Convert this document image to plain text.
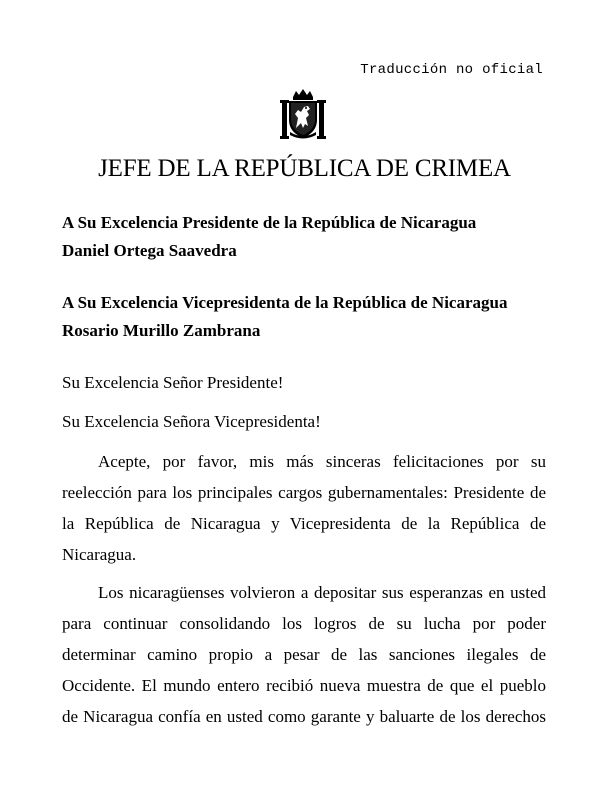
Traducción no oficial
JEFE DE LA REPÚBLICA DE CRIMEA
A Su Excelencia Presidente de la República de Nicaragua
Daniel Ortega Saavedra
A Su Excelencia Vicepresidenta de la República de Nicaragua
Rosario Murillo Zambrana
Su Excelencia Señor Presidente!
Su Excelencia Señora Vicepresidenta!
Acepte, por favor, mis más sinceras felicitaciones por su
reelección para los principales cargos gubernamentales: Presidente de
la República de Nicaragua y Vicepresidenta de la República de
Nicaragua.
Los nicaragüenses volvieron a depositar sus esperanzas en usted
para continuar consolidando los logros de su lucha por poder
determinar camino propio a pesar de las sanciones ilegales de
Occidente. El mundo entero recibió nueva muestra de que el pueblo
de Nicaragua confía en usted como garante y baluarte de los derechos
